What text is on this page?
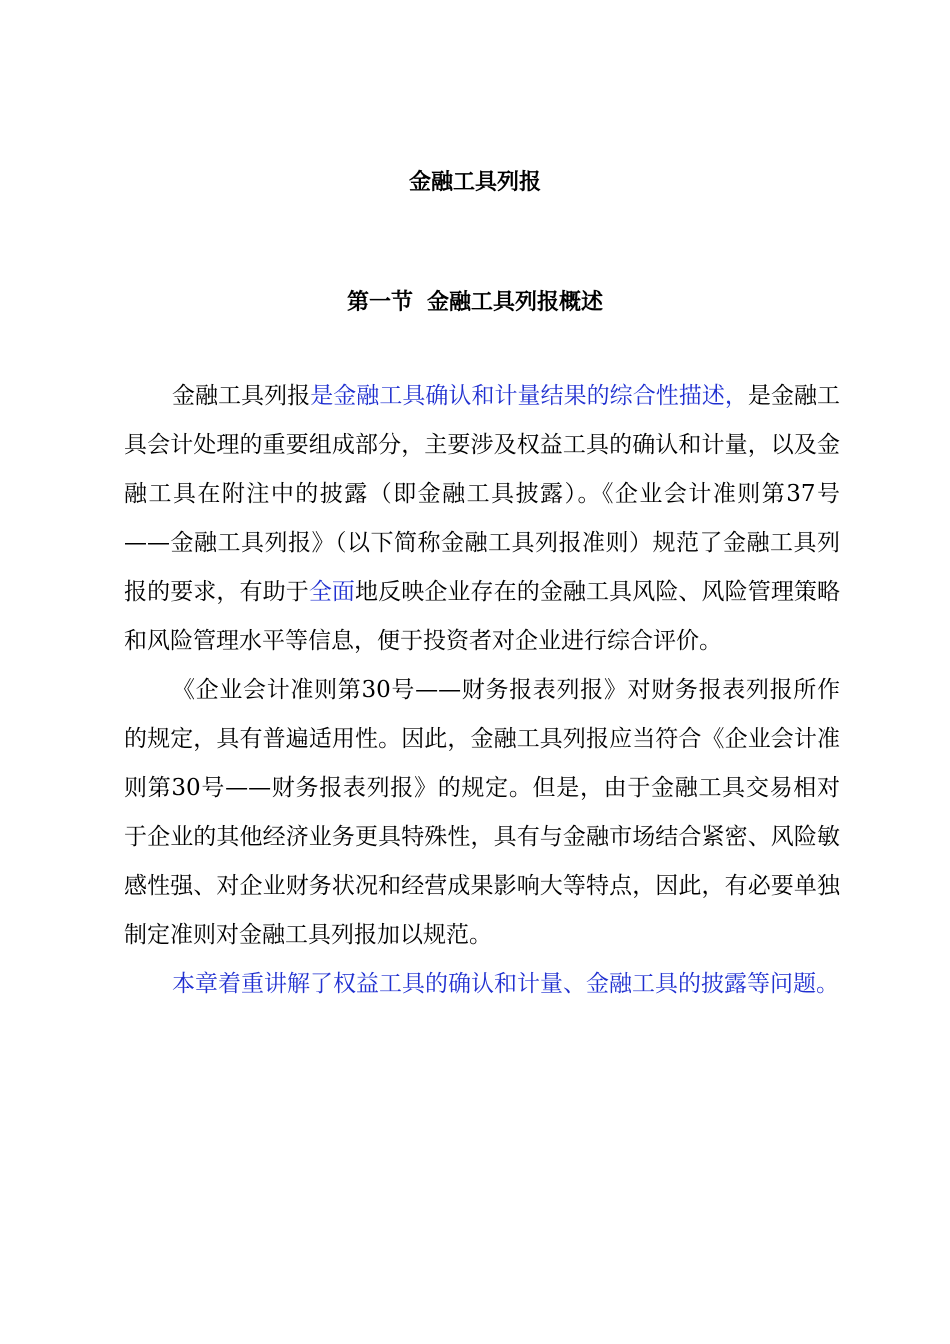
金融工具列报
第一节 金融工具列报概述

金融工具列报是金融工具确认和计量结果的综合性描述，是金融工具会计处理的重要组成部分，主要涉及权益工具的确认和计量，以及金融工具在附注中的披露（即金融工具披露）。《企业会计准则第37号——金融工具列报》（以下简称金融工具列报准则）规范了金融工具列报的要求，有助于全面地反映企业存在的金融工具风险、风险管理策略和风险管理水平等信息，便于投资者对企业进行综合评价。

《企业会计准则第30号——财务报表列报》对财务报表列报所作的规定，具有普遍适用性。因此，金融工具列报应当符合《企业会计准则第30号——财务报表列报》的规定。但是，由于金融工具交易相对于企业的其他经济业务更具特殊性，具有与金融市场结合紧密、风险敏感性强、对企业财务状况和经营成果影响大等特点，因此，有必要单独制定准则对金融工具列报加以规范。

本章着重讲解了权益工具的确认和计量、金融工具的披露等问题。
